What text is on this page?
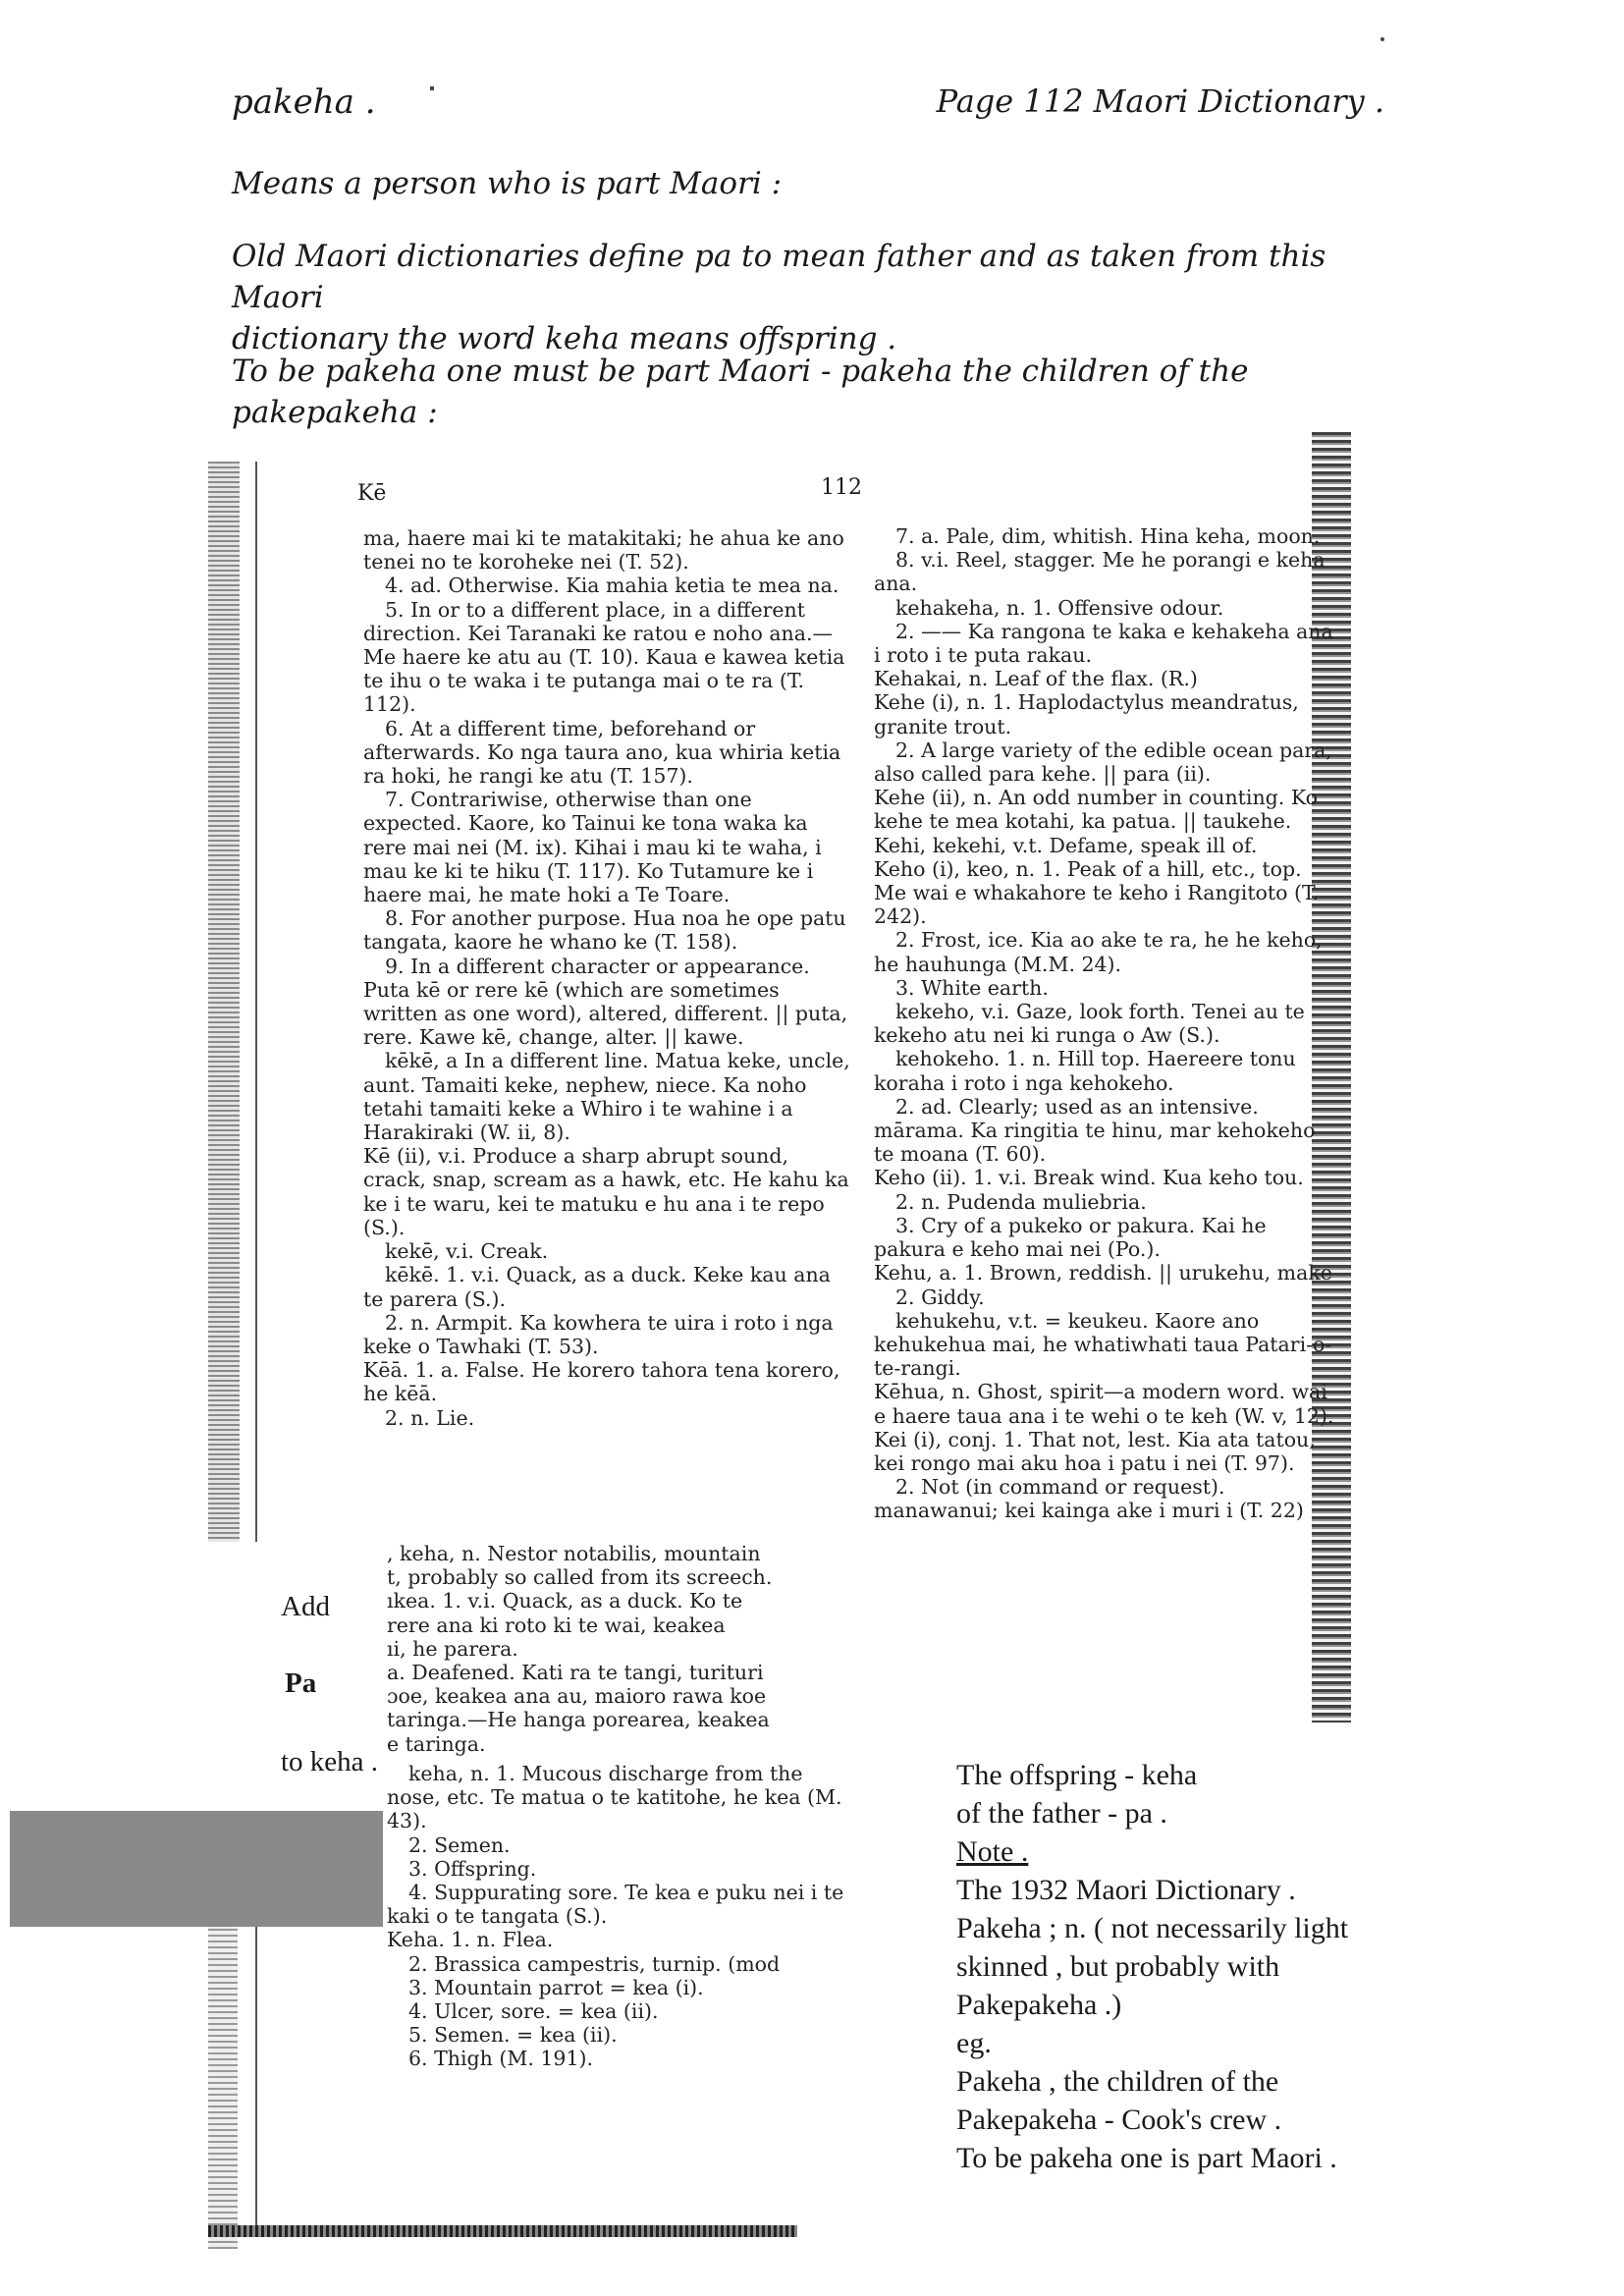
pakeha .	Page 112 Maori Dictionary .
Means a person who is part Maori :
Old Maori dictionaries define pa to mean father and as taken from this Maori
dictionary the word keha means offspring .
To be pakeha one must be part Maori - pakeha the children of the pakepakeha :
Kē	112

ma, haere mai ki te matakitaki; he ahua ke ano tenei no te koroheke nei (T. 52).

4. ad. Otherwise. Kia mahia ketia te mea na.

5. In or to a different place, in a different direction. Kei Taranaki ke ratou e noho ana.—Me haere ke atu au (T. 10). Kaua e kawea ketia te ihu o te waka i te putanga mai o te ra (T. 112).

6. At a different time, beforehand or afterwards. Ko nga taura ano, kua whiria ketia ra hoki, he rangi ke atu (T. 157).

7. Contrariwise, otherwise than one expected. Kaore, ko Tainui ke tona waka ka rere mai nei (M. ix). Kihai i mau ki te waha, i mau ke ki te hiku (T. 117). Ko Tutamure ke i haere mai, he mate hoki a Te Toare.

8. For another purpose. Hua noa he ope patu tangata, kaore he whano ke (T. 158).

9. In a different character or appearance. Puta kē or rere kē (which are sometimes written as one word), altered, different. || puta, rere. Kawe kē, change, alter. || kawe.

kēkē, a In a different line. Matua keke, uncle, aunt. Tamaiti keke, nephew, niece. Ka noho tetahi tamaiti keke a Whiro i te wahine i a Harakiraki (W. ii, 8).

Kē (ii), v.i. Produce a sharp abrupt sound, crack, snap, scream as a hawk, etc. He kahu ka ke i te waru, kei te matuku e hu ana i te repo (S.).

kekē, v.i. Creak.

kēkē. 1. v.i. Quack, as a duck. Keke kau ana te parera (S.).

2. n. Armpit. Ka kowhera te uira i roto i nga keke o Tawhaki (T. 53).

Kēā. 1. a. False. He korero tahora tena korero, he kēā.

2. n. Lie.

, keha, n. Nestor notabilis, mountain

t, probably so called from its screech.

ıkea. 1. v.i. Quack, as a duck. Ko te

rere ana ki roto ki te wai, keakea

ıi, he parera.

a. Deafened. Kati ra te tangi, turituri

ɔoe, keakea ana au, maioro rawa koe

taringa.—He hanga porearea, keakea

e taringa.

keha, n. 1. Mucous discharge from the nose, etc. Te matua o te katitohe, he kea (M. 43).

2. Semen.

3. Offspring.

4. Suppurating sore. Te kea e puku nei i te kaki o te tangata (S.).

Keha. 1. n. Flea.

2. Brassica campestris, turnip. (mod

3. Mountain parrot = kea (i).

4. Ulcer, sore. = kea (ii).

5. Semen. = kea (ii).

6. Thigh (M. 191).

7. a. Pale, dim, whitish. Hina keha, moon.

8. v.i. Reel, stagger. Me he porangi e keha ana.

kehakeha, n. 1. Offensive odour.

2. —— Ka rangona te kaka e kehakeha ana i roto i te puta rakau.

Kehakai, n. Leaf of the flax. (R.)

Kehe (i), n. 1. Haplodactylus meandratus, granite trout.

2. A large variety of the edible ocean para, also called para kehe. || para (ii).

Kehe (ii), n. An odd number in counting. Ko kehe te mea kotahi, ka patua. || taukehe.

Kehi, kekehi, v.t. Defame, speak ill of.

Keho (i), keo, n. 1. Peak of a hill, etc., top. Me wai e whakahore te keho i Rangitoto (T. 242).

2. Frost, ice. Kia ao ake te ra, he he keho, he hauhunga (M.M. 24).

3. White earth.

kekeho, v.i. Gaze, look forth. Tenei au te kekeho atu nei ki runga o Aw (S.).

kehokeho. 1. n. Hill top. Haereere tonu koraha i roto i nga kehokeho.

2. ad. Clearly; used as an intensive. mārama. Ka ringitia te hinu, mar kehokeho te moana (T. 60).

Keho (ii). 1. v.i. Break wind. Kua keho tou.

2. n. Pudenda muliebria.

3. Cry of a pukeko or pakura. Kai he pakura e keho mai nei (Po.).

Kehu, a. 1. Brown, reddish. || urukehu, make

2. Giddy.

kehukehu, v.t. = keukeu. Kaore ano kehukehua mai, he whatiwhati taua Patari-o-te-rangi.

Kēhua, n. Ghost, spirit—a modern word. wai e haere taua ana i te wehi o te keh (W. v, 12).

Kei (i), conj. 1. That not, lest. Kia ata tatou, kei rongo mai aku hoa i patu i nei (T. 97).

2. Not (in command or request). manawanui; kei kainga ake i muri i (T. 22)

Add
Pa
to keha .	The offspring - keha
of the father - pa .
Note .
The 1932 Maori Dictionary .
Pakeha ; n. ( not necessarily light
skinned , but probably with
Pakepakeha .)
eg.
Pakeha , the children of the
Pakepakeha - Cook's crew .
To be pakeha one is part Maori .
